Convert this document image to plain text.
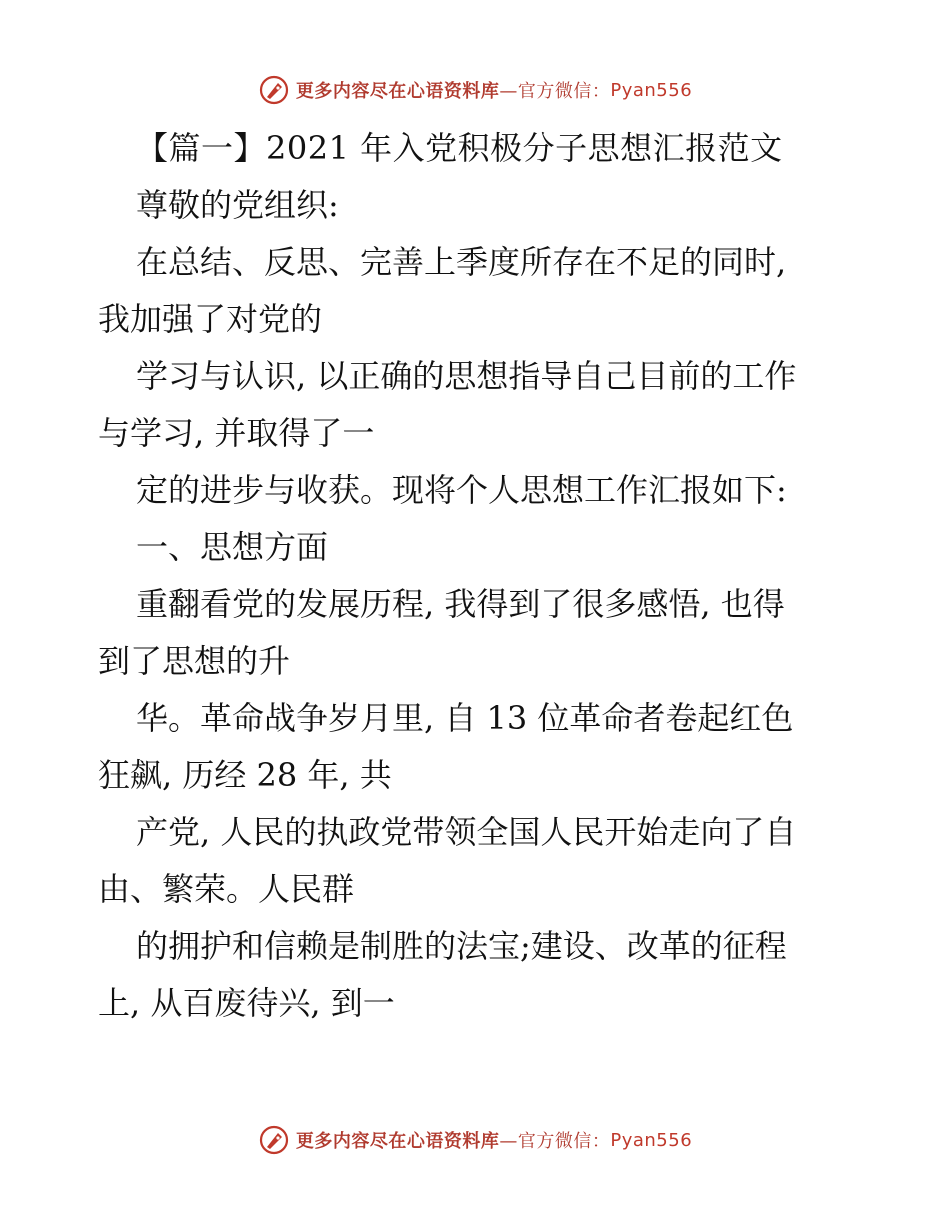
更多内容尽在心语资料库 —官方微信： Pyan556
【篇一】2021 年入党积极分子思想汇报范文
尊敬的党组织:
在总结、反思、完善上季度所存在不足的同时,
我加强了对党的
学习与认识, 以正确的思想指导自己目前的工作
与学习, 并取得了一
定的进步与收获。现将个人思想工作汇报如下:
一、思想方面
重翻看党的发展历程, 我得到了很多感悟, 也得
到了思想的升
华。革命战争岁月里, 自 13 位革命者卷起红色
狂飙, 历经 28 年, 共
产党, 人民的执政党带领全国人民开始走向了自
由、繁荣。人民群
的拥护和信赖是制胜的法宝;建设、改革的征程
上, 从百废待兴, 到一
更多内容尽在心语资料库 —官方微信： Pyan556
